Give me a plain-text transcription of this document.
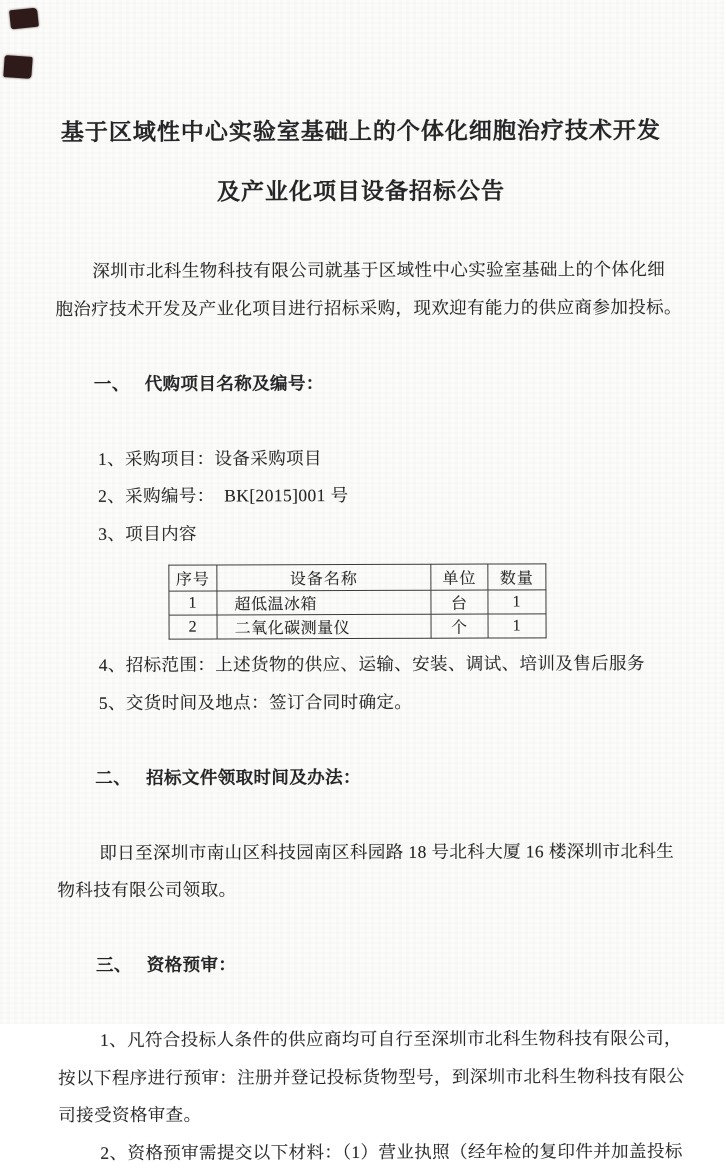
基于区域性中心实验室基础上的个体化细胞治疗技术开发
及产业化项目设备招标公告
深圳市北科生物科技有限公司就基于区域性中心实验室基础上的个体化细
胞治疗技术开发及产业化项目进行招标采购，现欢迎有能力的供应商参加投标。

一、 代购项目名称及编号：

1、采购项目：设备采购项目
2、采购编号：  BK[2015]001 号
3、项目内容
序号	设备名称	单位	数量
1	超低温冰箱	台	1
2	二氧化碳测量仪	个	1
4、招标范围：上述货物的供应、运输、安装、调试、培训及售后服务
5、交货时间及地点：签订合同时确定。

二、 招标文件领取时间及办法：

即日至深圳市南山区科技园南区科园路 18 号北科大厦 16 楼深圳市北科生
物科技有限公司领取。

三、 资格预审：

1、凡符合投标人条件的供应商均可自行至深圳市北科生物科技有限公司，
按以下程序进行预审：注册并登记投标货物型号，到深圳市北科生物科技有限公
司接受资格审查。
2、资格预审需提交以下材料：（1）营业执照（经年检的复印件并加盖投标
